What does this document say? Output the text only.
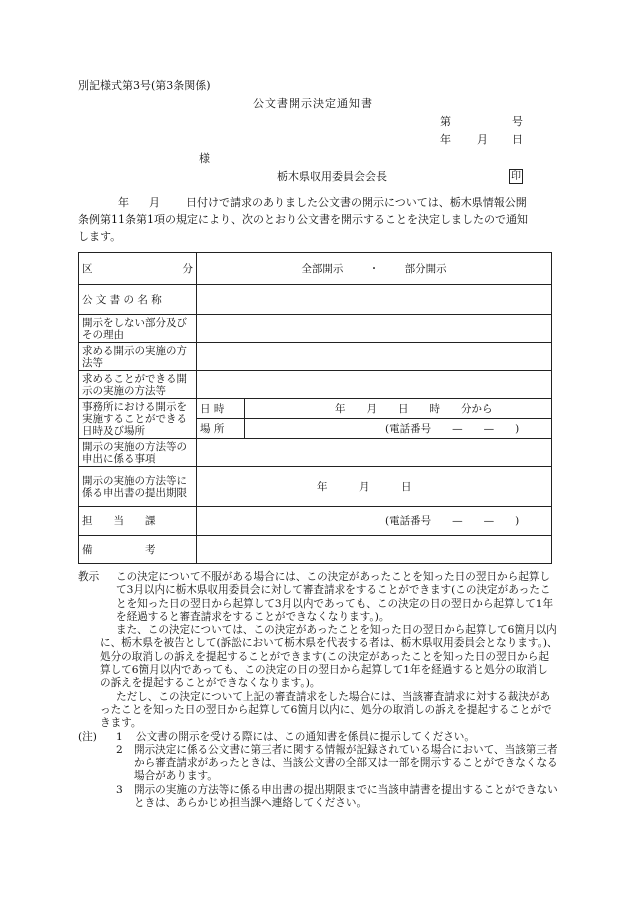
別記様式第3号(第3条関係)
公文書開示決定通知書
第	号
年 月 日
様
栃木県収用委員会会長	印
年 月 日付けで請求のありました公文書の開示については、栃木県情報公開
条例第11条第1項の規定により、次のとおり公文書を開示することを決定しましたので通知
します。
区 分	全部開示 ・ 部分開示	
公 文 書 の 名 称		
開示をしない部分及びその理由		
求める開示の実施の方法等		
求めることができる開示の実施の方法等		
事務所における開示を実施することができる日時及び場所	日 時	年　　月　　日　　時　　分から
	場 所	(電話番号　　—　　—　　)
開示の実施の方法等の申出に係る事項		
開示の実施の方法等に係る申出書の提出期限	年　　　月　　　日	
担　　当　　課	(電話番号　　—　　—　　)	
備　　　　　考		

教示 この決定について不服がある場合には、この決定があったことを知った日の翌日から起算して3月以内に栃木県収用委員会に対して審査請求をすることができます(この決定があったことを知った日の翌日から起算して3月以内であっても、この決定の日の翌日から起算して1年を経過すると審査請求をすることができなくなります。)。

また、この決定については、この決定があったことを知った日の翌日から起算して6箇月以内に、栃木県を被告として(訴訟において栃木県を代表する者は、栃木県収用委員会となります。)、処分の取消しの訴えを提起することができます(この決定があったことを知った日の翌日から起算して6箇月以内であっても、この決定の日の翌日から起算して1年を経過すると処分の取消しの訴えを提起することができなくなります。)。

ただし、この決定について上記の審査請求をした場合には、当該審査請求に対する裁決があったことを知った日の翌日から起算して6箇月以内に、処分の取消しの訴えを提起することができます。

(注) 1 公文書の開示を受ける際には、この通知書を係員に提示してください。

2 開示決定に係る公文書に第三者に関する情報が記録されている場合において、当該第三者から審査請求があったときは、当該公文書の全部又は一部を開示することができなくなる場合があります。

3 開示の実施の方法等に係る申出書の提出期限までに当該申請書を提出することができないときは、あらかじめ担当課へ連絡してください。
